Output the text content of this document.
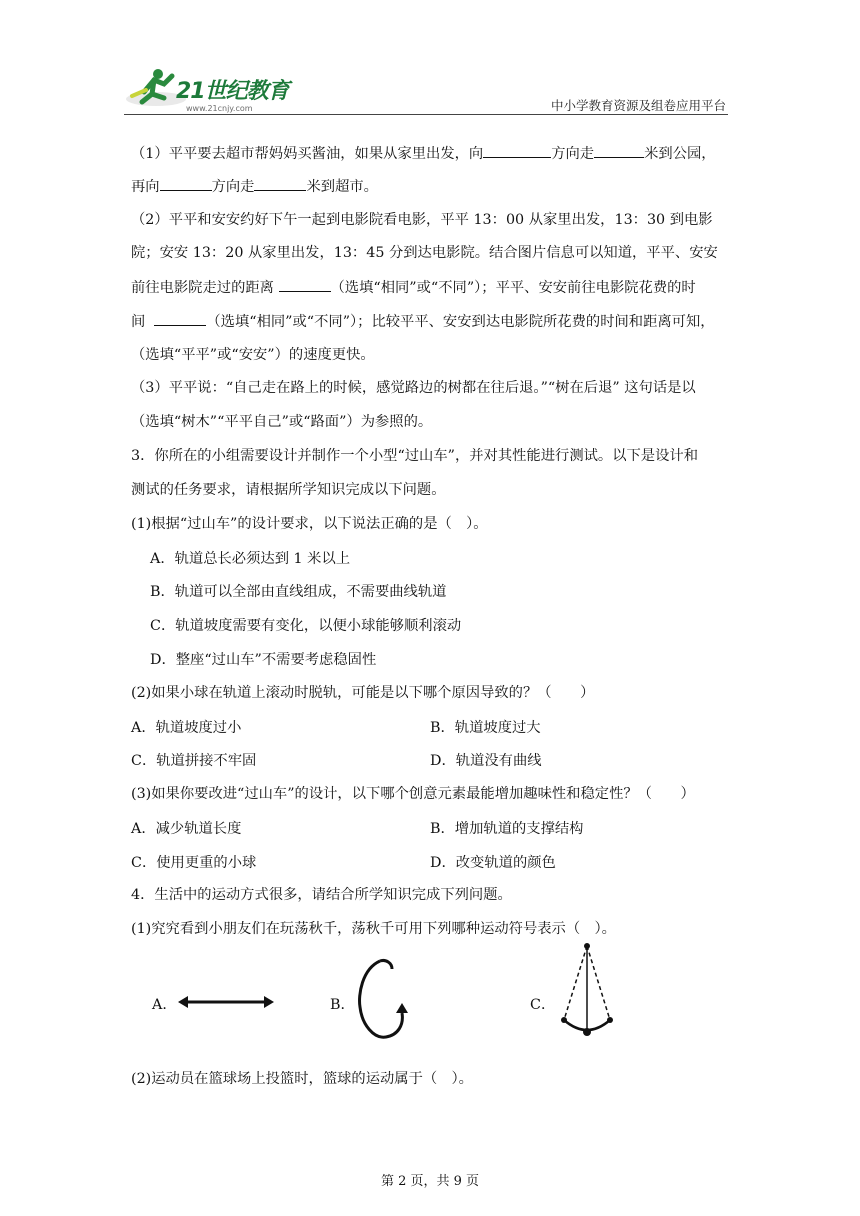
21世纪教育
www.21cnjy.com	中小学教育资源及组卷应用平台
（1）平平要去超市帮妈妈买酱油，如果从家里出发，向	方向走	米到公园，
再向	方向走	米到超市。
（2）平平和安安约好下午一起到电影院看电影，平平 13：00 从家里出发，13：30 到电影
院；安安 13：20 从家里出发，13：45 分到达电影院。结合图片信息可以知道，平平、安安
前往电影院走过的距离	（选填“相同”或“不同”）；平平、安安前往电影院花费的时
间	（选填“相同”或“不同”）；比较平平、安安到达电影院所花费的时间和距离可知，
（选填“平平”或“安安”）的速度更快。
（3）平平说：“自己走在路上的时候，感觉路边的树都在往后退。”“树在后退” 这句话是以
（选填“树木”“平平自己”或“路面”）为参照的。
3．你所在的小组需要设计并制作一个小型“过山车”，并对其性能进行测试。以下是设计和
测试的任务要求，请根据所学知识完成以下问题。
(1)根据“过山车”的设计要求，以下说法正确的是（　）。
A．轨道总长必须达到 1 米以上
B．轨道可以全部由直线组成，不需要曲线轨道
C．轨道坡度需要有变化，以便小球能够顺利滚动
D．整座“过山车”不需要考虑稳固性
(2)如果小球在轨道上滚动时脱轨，可能是以下哪个原因导致的？（　　）
A．轨道坡度过小	B．轨道坡度过大
C．轨道拼接不牢固	D．轨道没有曲线
(3)如果你要改进“过山车”的设计，以下哪个创意元素最能增加趣味性和稳定性？（　　）
A．减少轨道长度	B．增加轨道的支撑结构
C．使用更重的小球	D．改变轨道的颜色
4．生活中的运动方式很多，请结合所学知识完成下列问题。
(1)究究看到小朋友们在玩荡秋千，荡秋千可用下列哪种运动符号表示（　）。
A．	B．	C．
(2)运动员在篮球场上投篮时，篮球的运动属于（　）。
第 2 页，共 9 页
